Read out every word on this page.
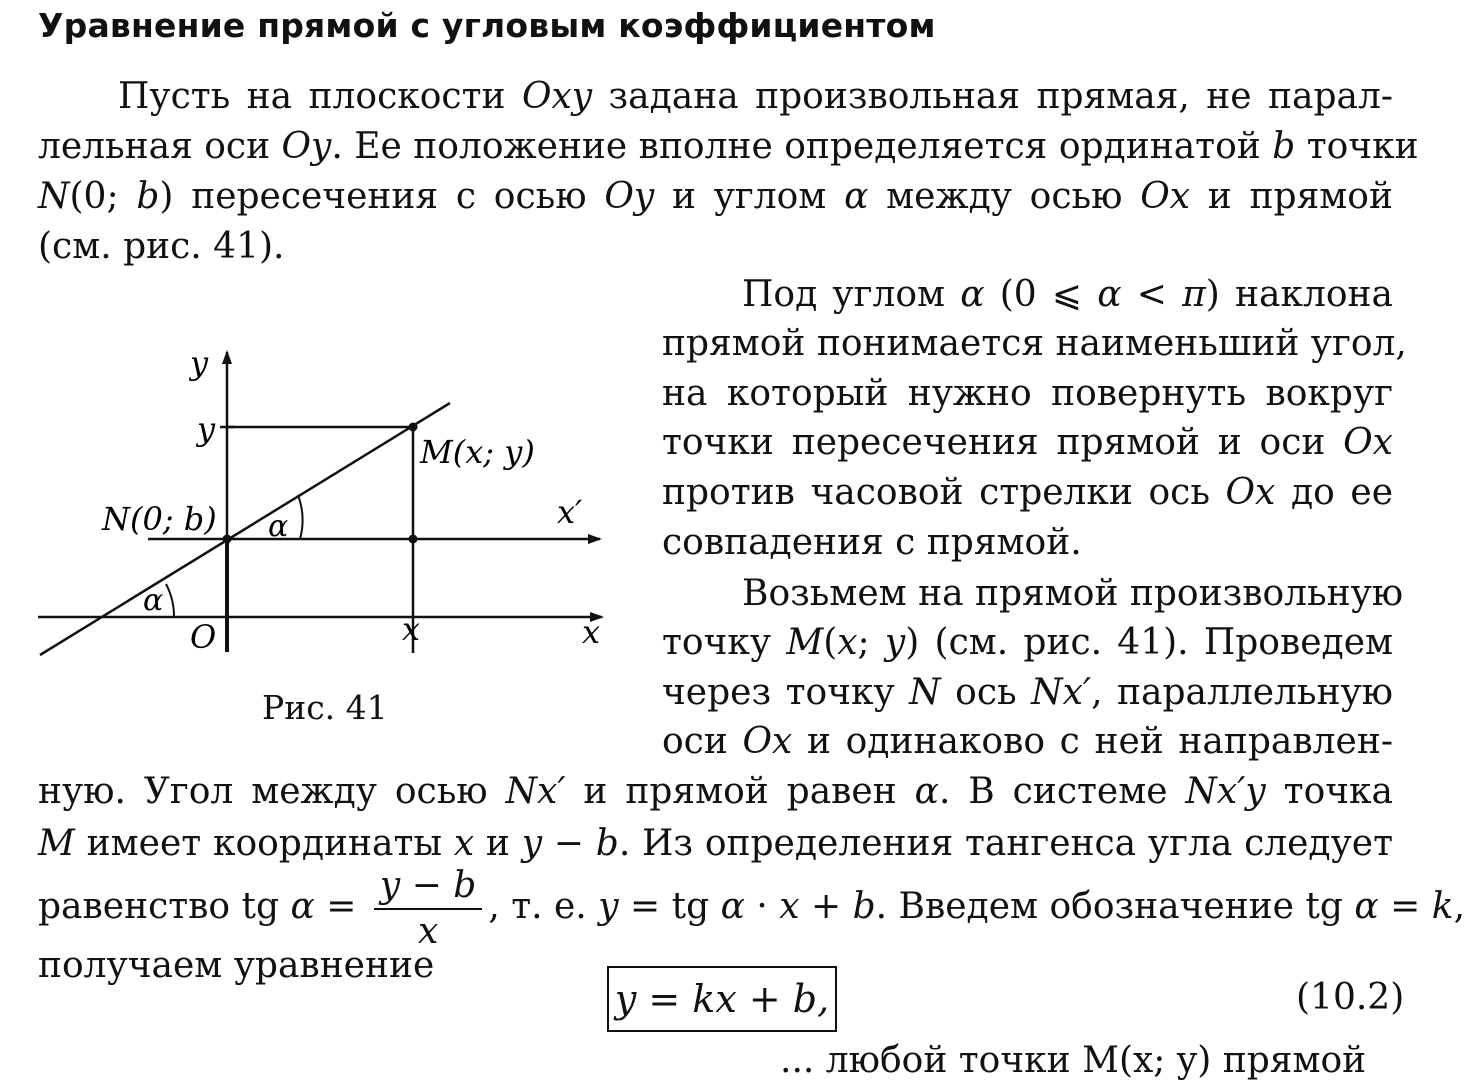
Уравнение прямой с угловым коэффициентом
Пусть на плоскости Oxy задана произвольная прямая, не парал-
лельная оси Oy. Ее положение вполне определяется ординатой b точки
N(0; b) пересечения с осью Oy и углом α между осью Ox и прямой
(см. рис. 41).
Под углом α (0 ⩽ α < π) наклона
прямой понимается наименьший угол,
на который нужно повернуть вокруг
точки пересечения прямой и оси Ox
против часовой стрелки ось Ox до ее
совпадения с прямой.
Возьмем на прямой произвольную
точку M(x; y) (см. рис. 41). Проведем
через точку N ось Nx′, параллельную
оси Ox и одинаково с ней направлен-
ную. Угол между осью Nx′ и прямой равен α. В системе Nx′y точка
M имеет координаты x и y − b. Из определения тангенса угла следует
равенство tg $\alpha = \frac{y - b}{x}$ , т. е. y = tg α · x + b. Введем обозначение tg α = k,
получаем уравнение
y = kx + b,	(10.2)
... любой точки M(x; y) прямой
y
y
M(x; y)
N(0; b)	x′
α
α
O	x	x
Рис. 41
